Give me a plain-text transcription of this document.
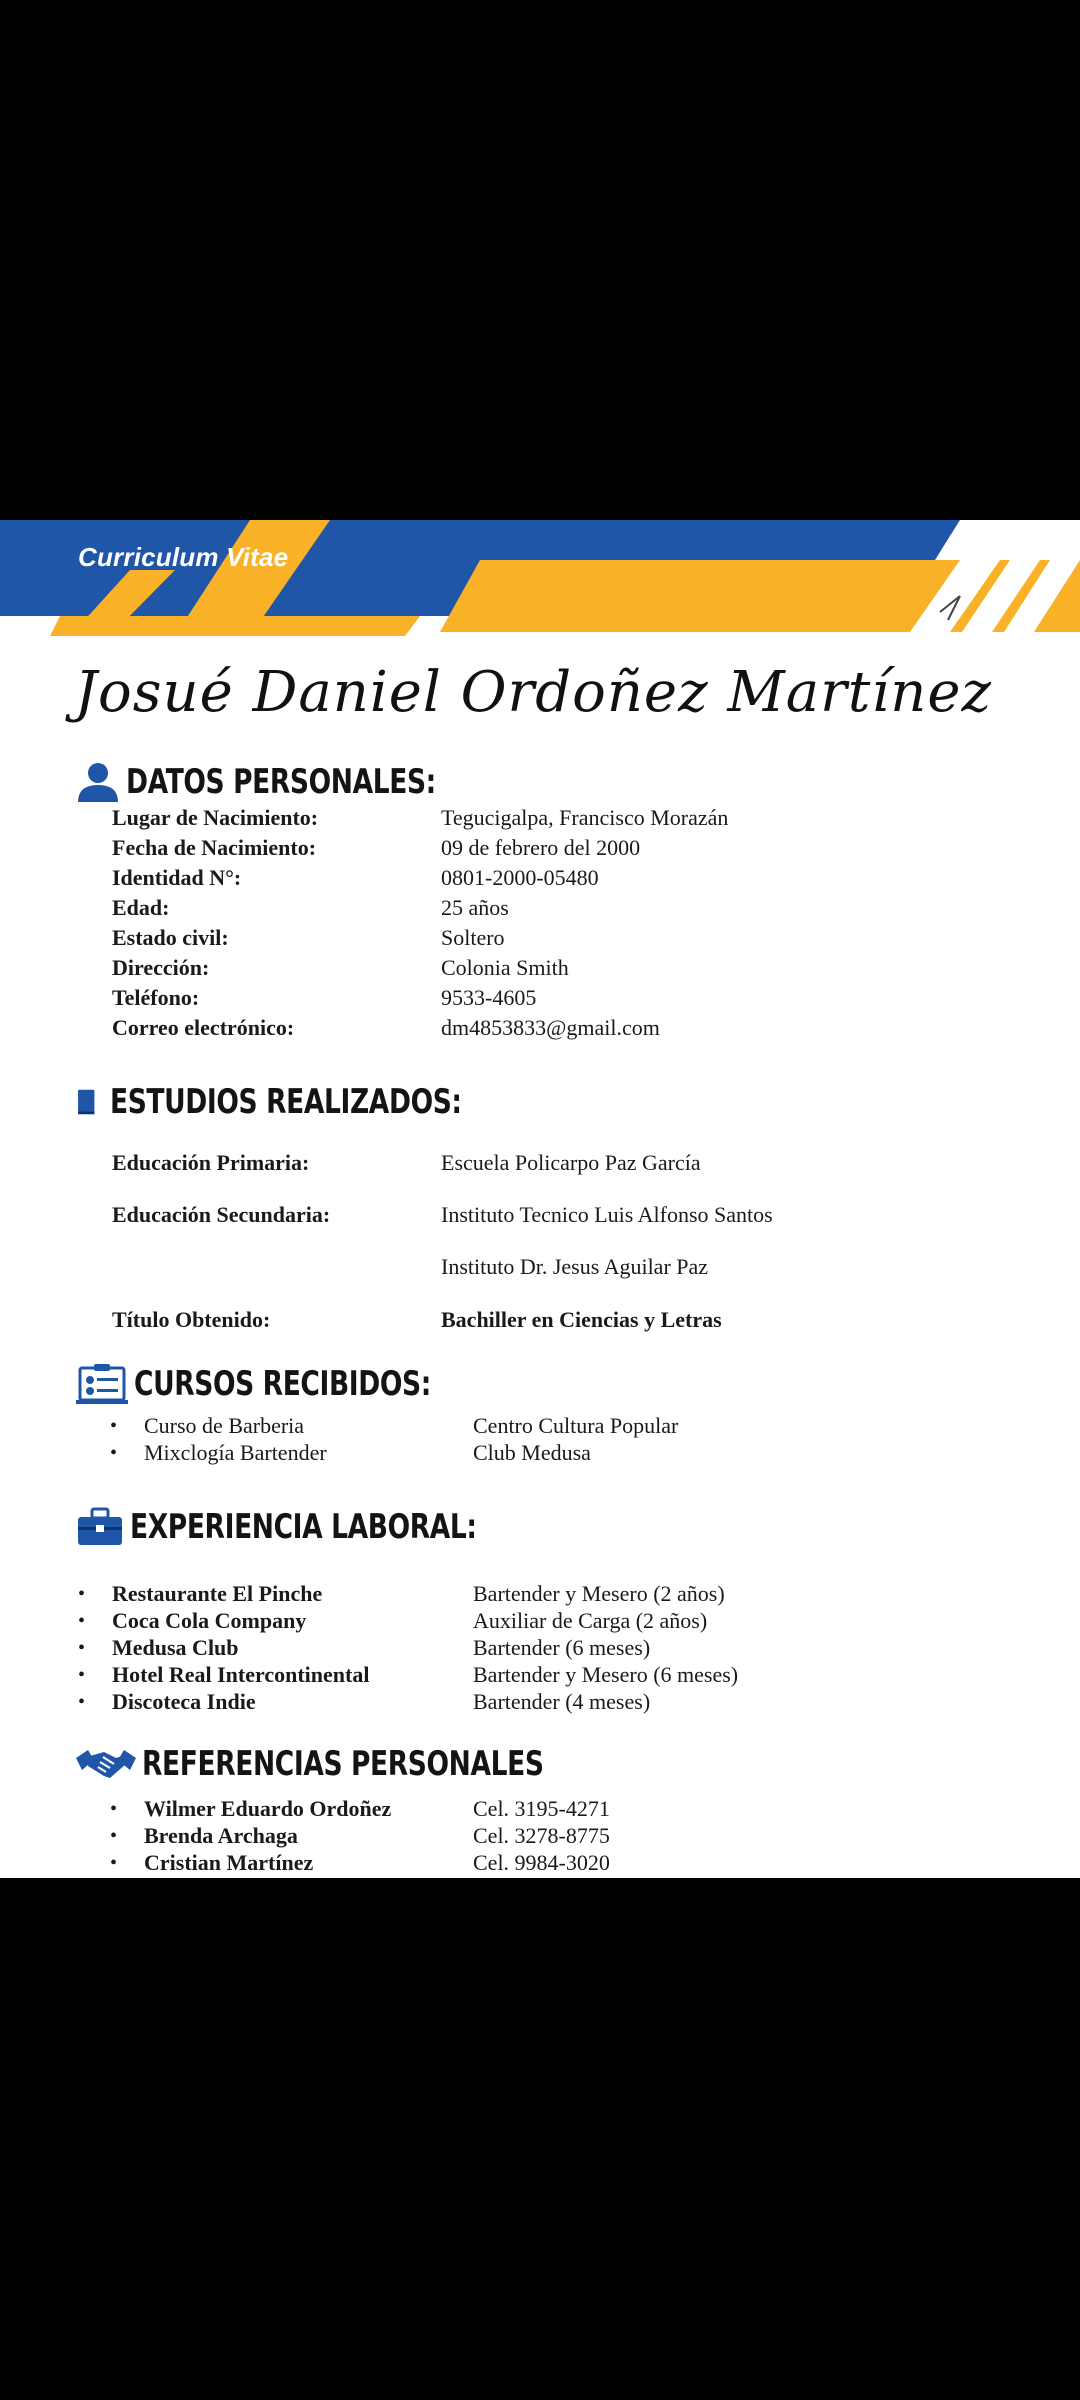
Curriculum Vitae
Josué Daniel Ordoñez Martínez
DATOS PERSONALES:
Lugar de Nacimiento:	Tegucigalpa, Francisco Morazán
Fecha de Nacimiento:	09 de febrero del 2000
Identidad N°:	0801-2000-05480
Edad:	25 años
Estado civil:	Soltero
Dirección:	Colonia Smith
Teléfono:	9533-4605
Correo electrónico:	dm4853833@gmail.com
ESTUDIOS REALIZADOS:
Educación Primaria:	Escuela Policarpo Paz García
Educación Secundaria:	Instituto Tecnico Luis Alfonso Santos
Instituto Dr. Jesus Aguilar Paz
Título Obtenido:	Bachiller en Ciencias y Letras
CURSOS RECIBIDOS:
• Curso de Barberia	Centro Cultura Popular
• Mixclogía Bartender	Club Medusa
EXPERIENCIA LABORAL:
• Restaurante El Pinche	Bartender y Mesero (2 años)
• Coca Cola Company	Auxiliar de Carga (2 años)
• Medusa Club	Bartender (6 meses)
• Hotel Real Intercontinental	Bartender y Mesero (6 meses)
• Discoteca Indie	Bartender (4 meses)
REFERENCIAS PERSONALES
• Wilmer Eduardo Ordoñez	Cel. 3195-4271
• Brenda Archaga	Cel. 3278-8775
• Cristian Martínez	Cel. 9984-3020
